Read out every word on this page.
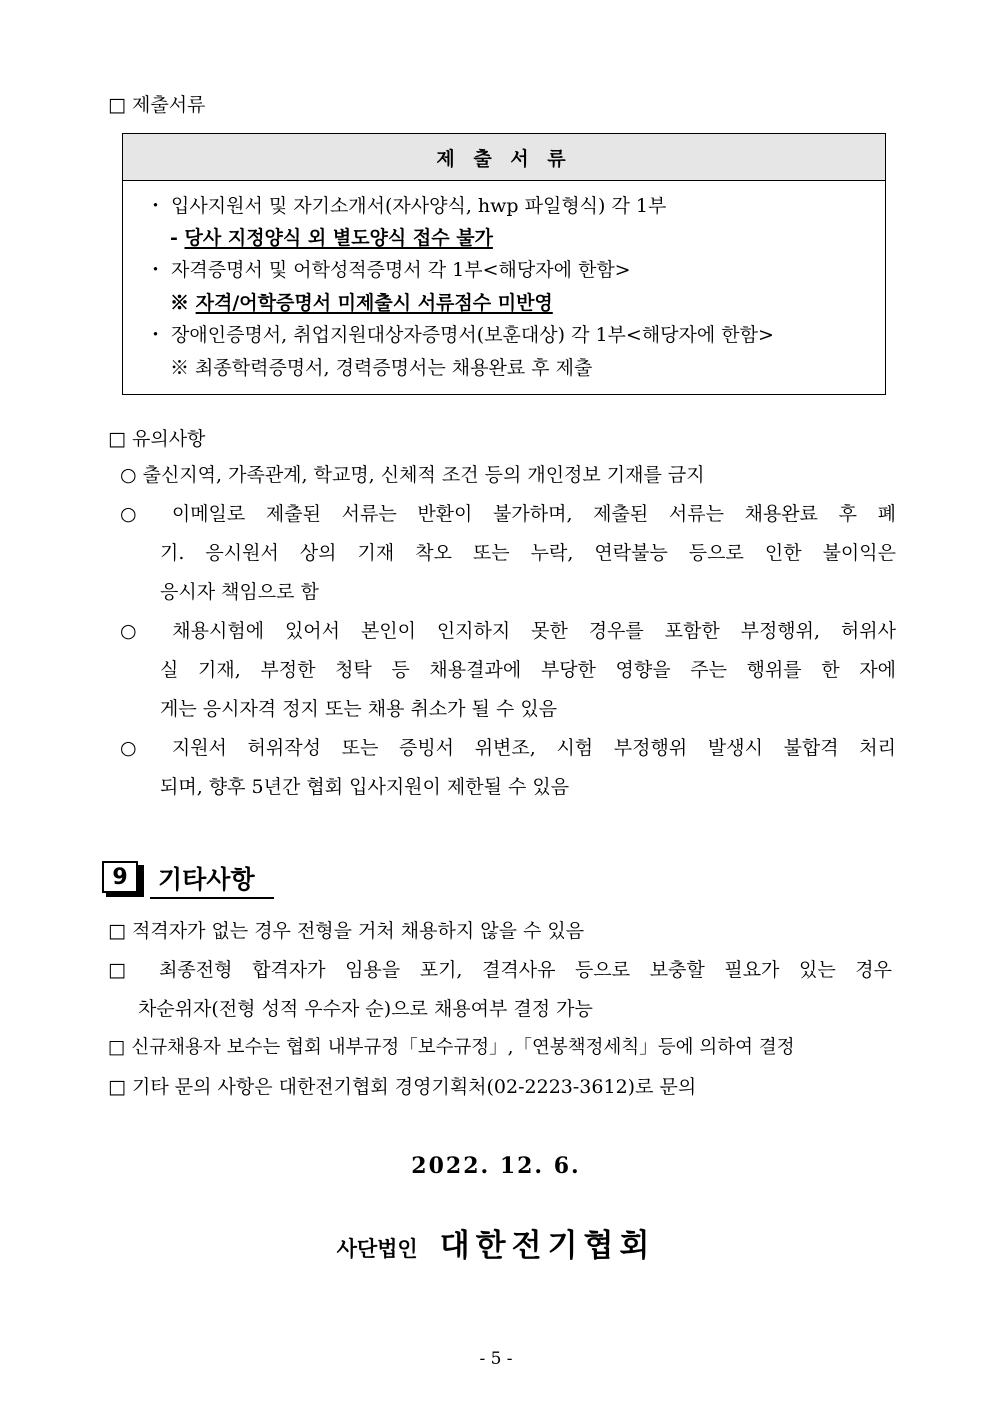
□ 제출서류
제 출 서 류
・ 입사지원서 및 자기소개서(자사양식, hwp 파일형식) 각 1부
- 당사 지정양식 외 별도양식 접수 불가
・ 자격증명서 및 어학성적증명서 각 1부<해당자에 한함>
※ 자격/어학증명서 미제출시 서류점수 미반영
・ 장애인증명서, 취업지원대상자증명서(보훈대상) 각 1부<해당자에 한함>
※ 최종학력증명서, 경력증명서는 채용완료 후 제출
□ 유의사항
○ 출신지역, 가족관계, 학교명, 신체적 조건 등의 개인정보 기재를 금지
○ 이메일로 제출된 서류는 반환이 불가하며, 제출된 서류는 채용완료 후 폐
기. 응시원서 상의 기재 착오 또는 누락, 연락불능 등으로 인한 불이익은
응시자 책임으로 함
○ 채용시험에 있어서 본인이 인지하지 못한 경우를 포함한 부정행위, 허위사
실 기재, 부정한 청탁 등 채용결과에 부당한 영향을 주는 행위를 한 자에
게는 응시자격 정지 또는 채용 취소가 될 수 있음
○ 지원서 허위작성 또는 증빙서 위변조, 시험 부정행위 발생시 불합격 처리
되며, 향후 5년간 협회 입사지원이 제한될 수 있음
9	기타사항
□ 적격자가 없는 경우 전형을 거처 채용하지 않을 수 있음
□ 최종전형 합격자가 임용을 포기, 결격사유 등으로 보충할 필요가 있는 경우
차순위자(전형 성적 우수자 순)으로 채용여부 결정 가능
□ 신규채용자 보수는 협회 내부규정「보수규정」,「연봉책정세칙」등에 의하여 결정
□ 기타 문의 사항은 대한전기협회 경영기획처(02-2223-3612)로 문의
2022. 12. 6.
사단법인 대한전기협회
- 5 -
